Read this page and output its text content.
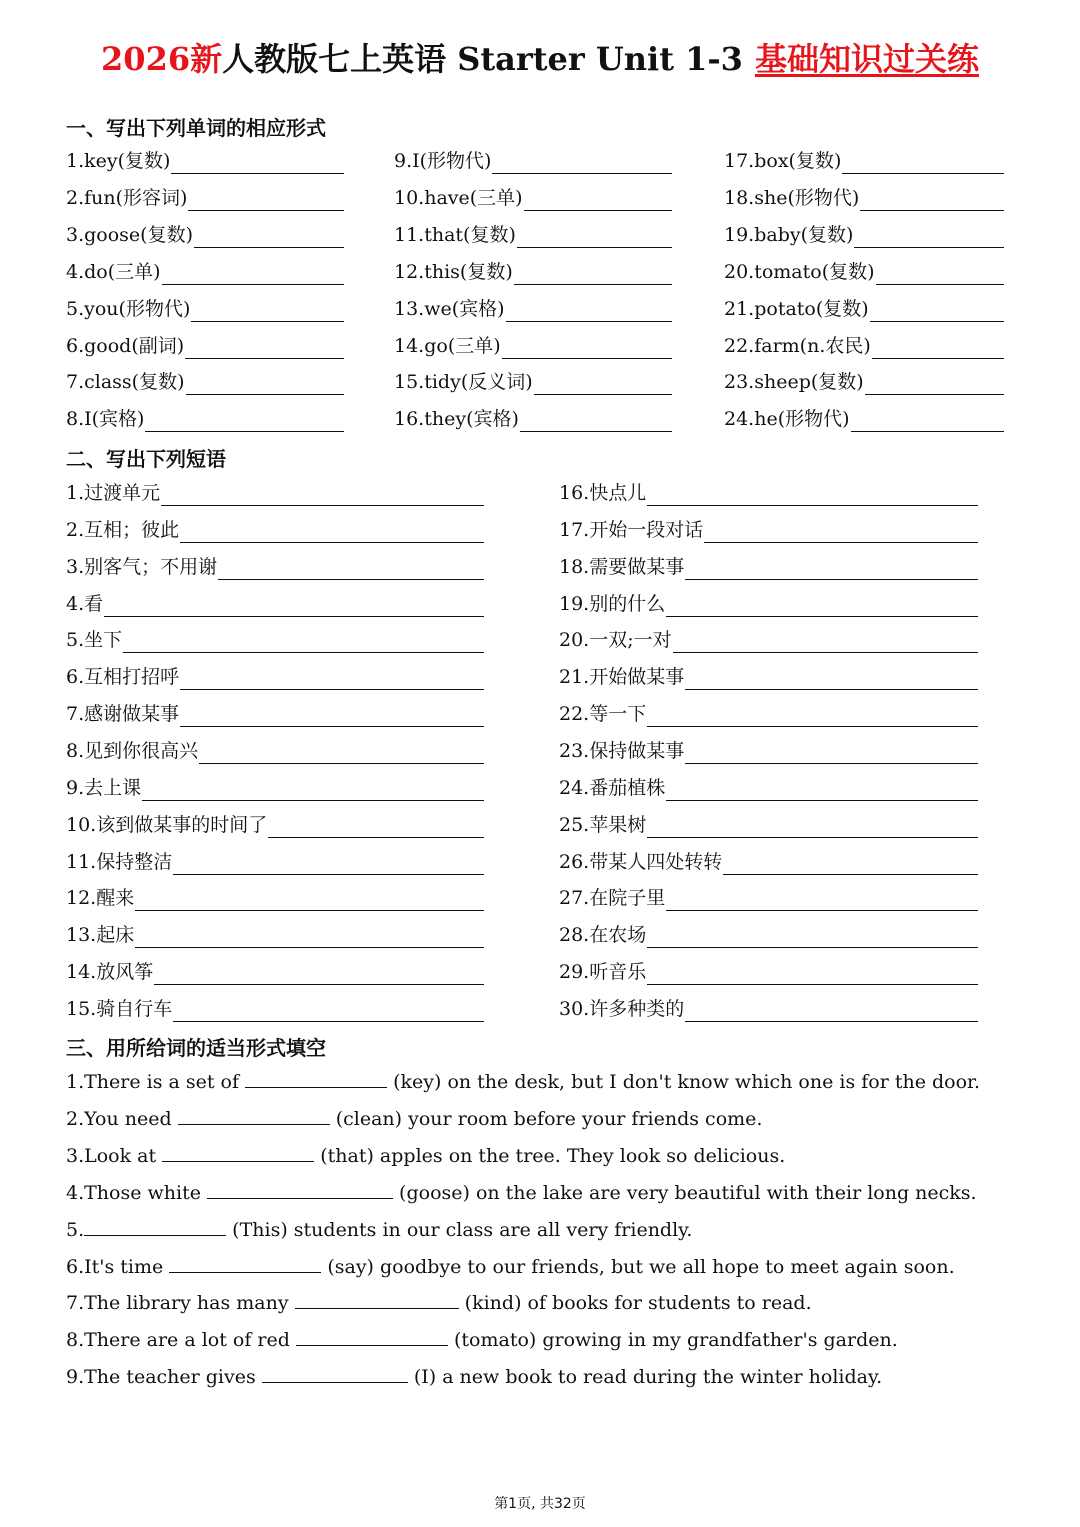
2026新人教版七上英语 Starter Unit 1-3 基础知识过关练
一、写出下列单词的相应形式
1.key(复数)
2.fun(形容词)
3.goose(复数)
4.do(三单)
5.you(形物代)
6.good(副词)
7.class(复数)
8.I(宾格)
9.I(形物代)
10.have(三单)
11.that(复数)
12.this(复数)
13.we(宾格)
14.go(三单)
15.tidy(反义词)
16.they(宾格)
17.box(复数)
18.she(形物代)
19.baby(复数)
20.tomato(复数)
21.potato(复数)
22.farm(n.农民)
23.sheep(复数)
24.he(形物代)
二、写出下列短语
1.过渡单元
2.互相；彼此
3.别客气；不用谢
4.看
5.坐下
6.互相打招呼
7.感谢做某事
8.见到你很高兴
9.去上课
10.该到做某事的时间了
11.保持整洁
12.醒来
13.起床
14.放风筝
15.骑自行车
16.快点儿
17.开始一段对话
18.需要做某事
19.别的什么
20.一双;一对
21.开始做某事
22.等一下
23.保持做某事
24.番茄植株
25.苹果树
26.带某人四处转转
27.在院子里
28.在农场
29.听音乐
30.许多种类的
三、用所给词的适当形式填空
1.There is a set of	(key) on the desk, but I don't know which one is for the door.
2.You need	(clean) your room before your friends come.
3.Look at	(that) apples on the tree. They look so delicious.
4.Those white	(goose) on the lake are very beautiful with their long necks.
5.	(This) students in our class are all very friendly.
6.It's time	(say) goodbye to our friends, but we all hope to meet again soon.
7.The library has many	(kind) of books for students to read.
8.There are a lot of red	(tomato) growing in my grandfather's garden.
9.The teacher gives	(I) a new book to read during the winter holiday.
第1页, 共32页
